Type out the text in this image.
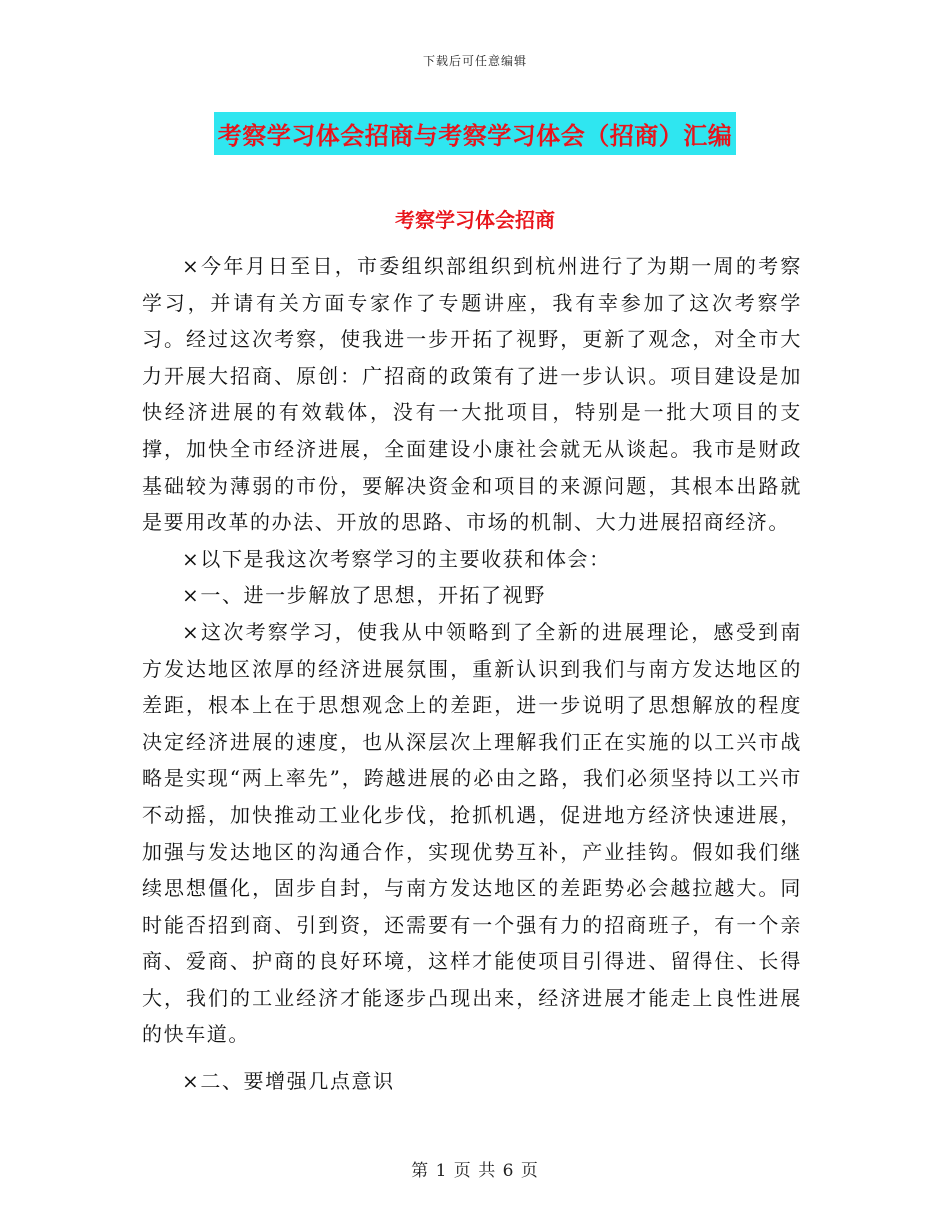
下载后可任意编辑
考察学习体会招商与考察学习体会（招商）汇编
考察学习体会招商

×今年月日至日，市委组织部组织到杭州进行了为期一周的考察学习，并请有关方面专家作了专题讲座，我有幸参加了这次考察学习。经过这次考察，使我进一步开拓了视野，更新了观念，对全市大力开展大招商、原创：广招商的政策有了进一步认识。项目建设是加快经济进展的有效载体，没有一大批项目，特别是一批大项目的支撑，加快全市经济进展，全面建设小康社会就无从谈起。我市是财政基础较为薄弱的市份，要解决资金和项目的来源问题，其根本出路就是要用改革的办法、开放的思路、市场的机制、大力进展招商经济。

×以下是我这次考察学习的主要收获和体会：

×一、进一步解放了思想，开拓了视野

×这次考察学习，使我从中领略到了全新的进展理论，感受到南方发达地区浓厚的经济进展氛围，重新认识到我们与南方发达地区的差距，根本上在于思想观念上的差距，进一步说明了思想解放的程度决定经济进展的速度，也从深层次上理解我们正在实施的以工兴市战略是实现“两上率先”，跨越进展的必由之路，我们必须坚持以工兴市不动摇，加快推动工业化步伐，抢抓机遇，促进地方经济快速进展，加强与发达地区的沟通合作，实现优势互补，产业挂钩。假如我们继续思想僵化，固步自封，与南方发达地区的差距势必会越拉越大。同时能否招到商、引到资，还需要有一个强有力的招商班子，有一个亲商、爱商、护商的良好环境，这样才能使项目引得进、留得住、长得大，我们的工业经济才能逐步凸现出来，经济进展才能走上良性进展的快车道。

×二、要增强几点意识

第 1 页 共 6 页
